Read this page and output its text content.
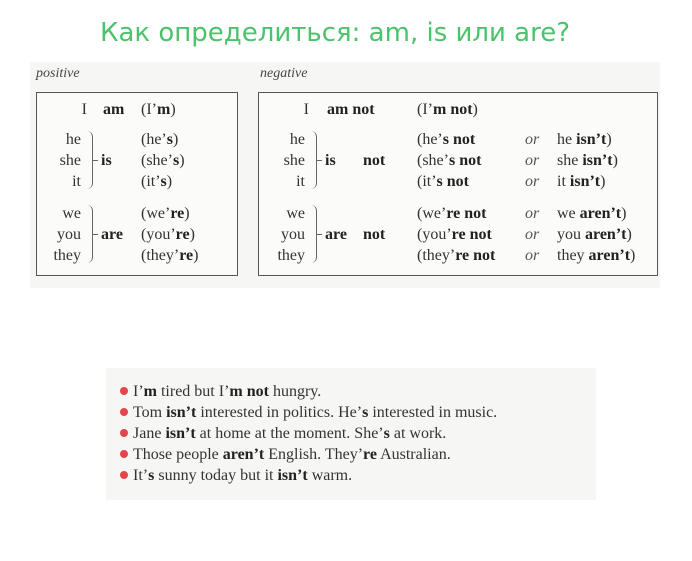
Как определиться: am, is или are?
positive	negative
I am (I’m)
he	(he’s)
she is (she’s)
it	(it’s)
we	(we’re)
you are (you’re)
they	(they’re)
I am not	(I’m not)
he	(he’s not	or he isn’t)
she is not (she’s not	or she isn’t)
it	(it’s not	or it isn’t)
we	(we’re not or we aren’t)
you are not (you’re not or you aren’t)
they	(they’re not or they aren’t)
I’m tired but I’m not hungry.
Tom isn’t interested in politics. He’s interested in music.
Jane isn’t at home at the moment. She’s at work.
Those people aren’t English. They’re Australian.
It’s sunny today but it isn’t warm.
